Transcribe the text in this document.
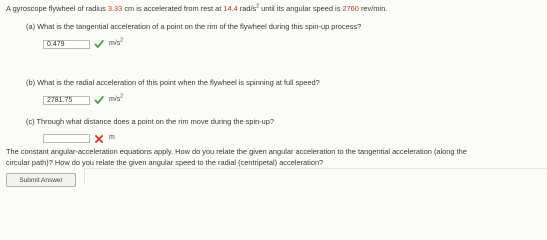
A gyroscope flywheel of radius 3.33 cm is accelerated from rest at 14.4 rad/$s^2$ until its angular speed is 2760 rev/min.
(a) What is the tangential acceleration of a point on the rim of the flywheel during this spin-up process?
0.479
$m/s^2$
(b) What is the radial acceleration of this point when the flywheel is spinning at full speed?
2781.75
$m/s^2$
(c) Through what distance does a point on the rim move during the spin-up?
m
The constant angular-acceleration equations apply. How do you relate the given angular acceleration to the tangential acceleration (along the
circular path)? How do you relate the given angular speed to the radial (centripetal) acceleration?
Submit Answer
